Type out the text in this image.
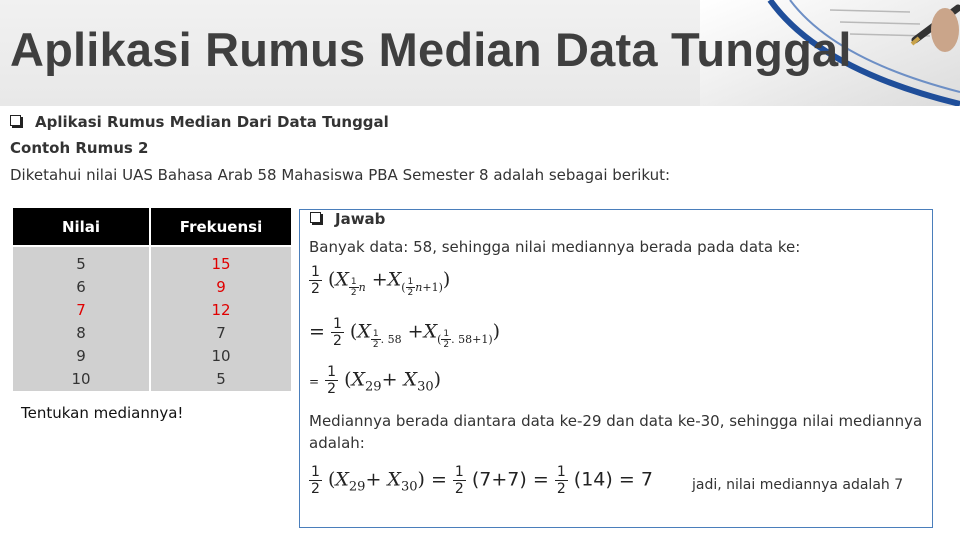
Aplikasi Rumus Median Data Tunggal
Aplikasi Rumus Median Dari Data Tunggal
Contoh Rumus 2
Diketahui nilai UAS Bahasa Arab 58 Mahasiswa PBA Semester 8 adalah sebagai berikut:
Nilai	Frekuensi
5
6
7
8
9
10
15
9
12
7
10
5
Tentukan mediannya!
Jawab
Banyak data: 58, sehingga nilai mediannya berada pada data ke:
$\frac{1}{2} (X$ $_{\frac{1}{2} n} +X_{( \frac{1}{2} n+1)}$)
= $\frac{1}{2} (X$ $_{\frac{1}{2} . 58} +X_{( \frac{1}{2} . 58+1)}$)
= $\frac{1}{2} (X_{29}+ X_{30})$
Mediannya berada diantara data ke-29 dan data ke-30, sehingga nilai mediannya
adalah:
$\frac{1}{2} (X_{29}+ X_{30}) = \frac{1}{2} (7+7) = \frac{1}{2} (14) = 7$	jadi, nilai mediannya adalah 7
